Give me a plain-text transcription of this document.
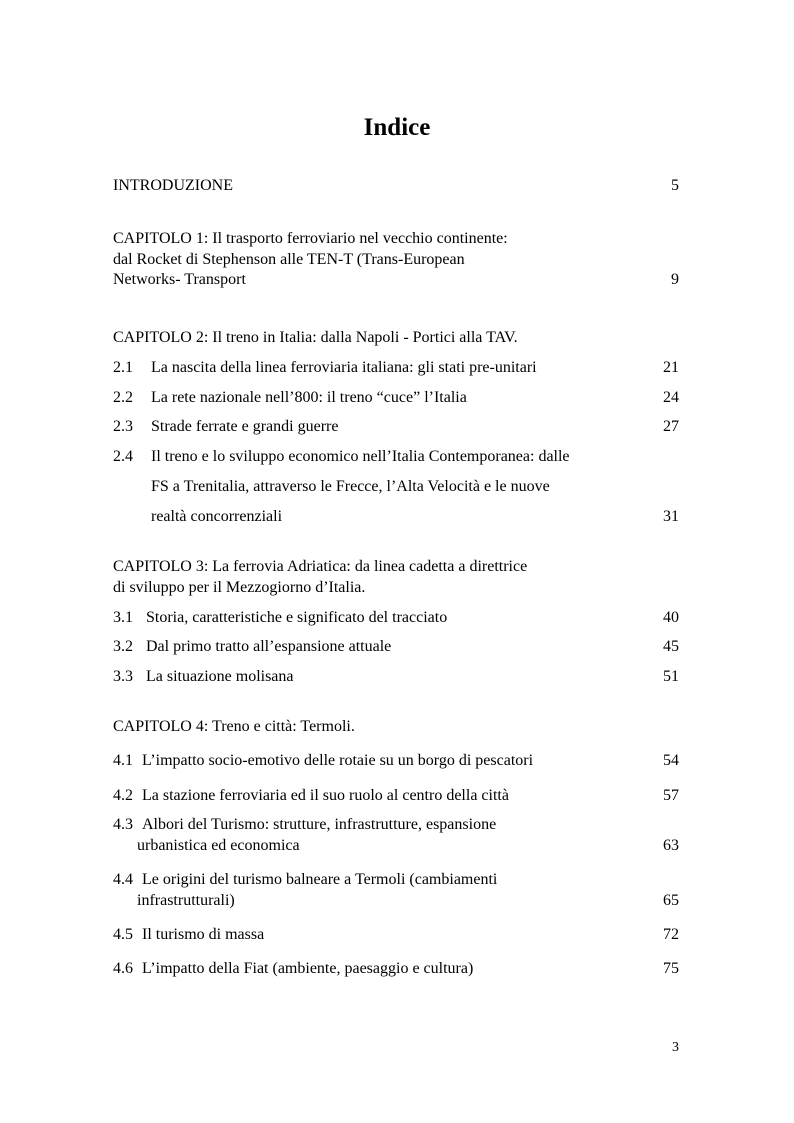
Indice
INTRODUZIONE	5
CAPITOLO 1: Il trasporto ferroviario nel vecchio continente:
dal Rocket di Stephenson alle TEN-T (Trans-European
Networks- Transport	9
CAPITOLO 2: Il treno in Italia: dalla Napoli - Portici alla TAV.
2.1 La nascita della linea ferroviaria italiana: gli stati pre-unitari	21
2.2 La rete nazionale nell’800: il treno “cuce” l’Italia	24
2.3 Strade ferrate e grandi guerre	27
2.4 Il treno e lo sviluppo economico nell’Italia Contemporanea: dalle
FS a Trenitalia, attraverso le Frecce, l’Alta Velocità e le nuove
realtà concorrenziali	31
CAPITOLO 3: La ferrovia Adriatica: da linea cadetta a direttrice
di sviluppo per il Mezzogiorno d’Italia.
3.1 Storia, caratteristiche e significato del tracciato	40
3.2 Dal primo tratto all’espansione attuale	45
3.3 La situazione molisana	51
CAPITOLO 4: Treno e città: Termoli.
4.1 L’impatto socio-emotivo delle rotaie su un borgo di pescatori	54
4.2 La stazione ferroviaria ed il suo ruolo al centro della città	57
4.3 Albori del Turismo: strutture, infrastrutture, espansione
urbanistica ed economica	63
4.4 Le origini del turismo balneare a Termoli (cambiamenti
infrastrutturali)	65
4.5 Il turismo di massa	72
4.6 L’impatto della Fiat (ambiente, paesaggio e cultura)	75
3
